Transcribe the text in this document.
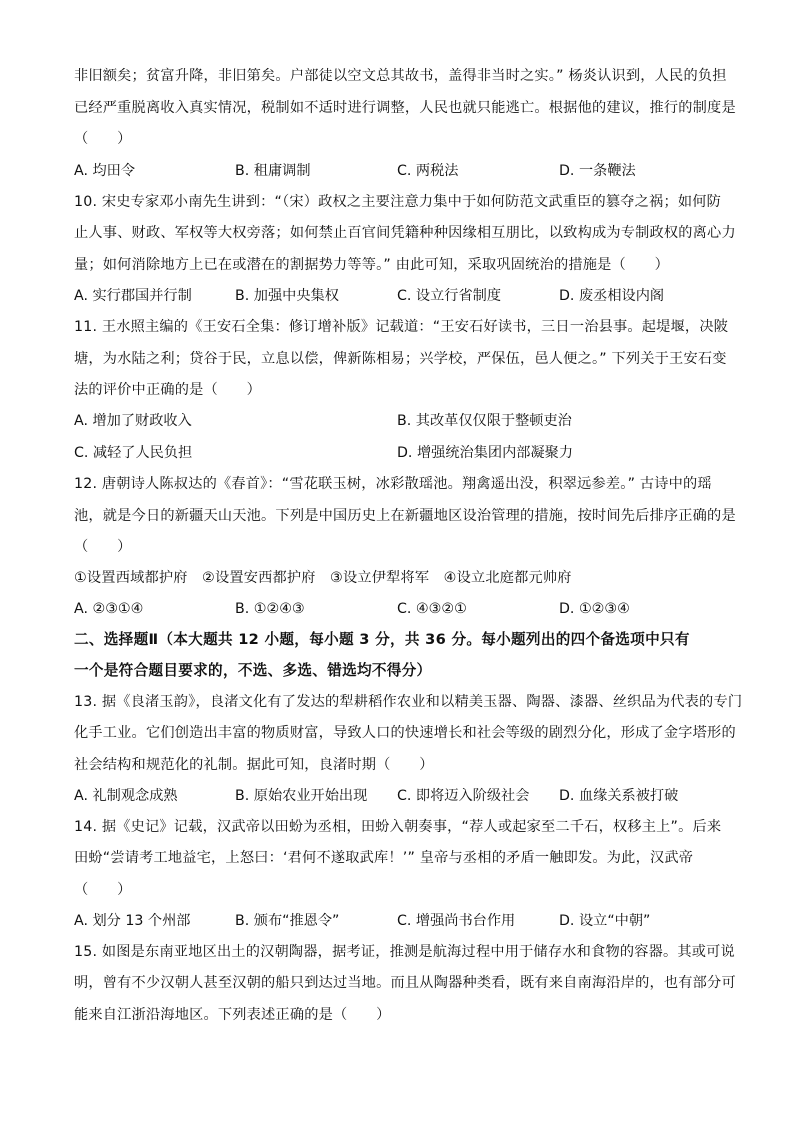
非旧额矣；贫富升降，非旧第矣。户部徒以空文总其故书，盖得非当时之实。” 杨炎认识到，人民的负担
已经严重脱离收入真实情况，税制如不适时进行调整，人民也就只能逃亡。根据他的建议，推行的制度是
（　　）
A. 均田令	B. 租庸调制	C. 两税法	D. 一条鞭法
10. 宋史专家邓小南先生讲到：“（宋）政权之主要注意力集中于如何防范文武重臣的篡夺之祸；如何防
止人事、财政、军权等大权旁落；如何禁止百官间凭籍种种因缘相互朋比，以致构成为专制政权的离心力
量；如何消除地方上已在或潜在的割据势力等等。” 由此可知，采取巩固统治的措施是（　　）
A. 实行郡国并行制	B. 加强中央集权	C. 设立行省制度	D. 废丞相设内阁
11. 王水照主编的《王安石全集：修订增补版》记载道：“王安石好读书，三日一治县事。起堤堰，决陂
塘，为水陆之利；贷谷于民，立息以偿，俾新陈相易；兴学校，严保伍，邑人便之。” 下列关于王安石变
法的评价中正确的是（　　）
A. 增加了财政收入	B. 其改革仅仅限于整顿吏治
C. 减轻了人民负担	D. 增强统治集团内部凝聚力
12. 唐朝诗人陈叔达的《春首》：“雪花联玉树，冰彩散瑶池。翔禽遥出没，积翠远参差。” 古诗中的瑶
池，就是今日的新疆天山天池。下列是中国历史上在新疆地区设治管理的措施，按时间先后排序正确的是
（　　）
①设置西域都护府　②设置安西都护府　③设立伊犁将军　④设立北庭都元帅府
A. ②③①④	B. ①②④③	C. ④③②①	D. ①②③④
二、选择题Ⅱ（本大题共 12 小题，每小题 3 分，共 36 分。每小题列出的四个备选项中只有
一个是符合题目要求的，不选、多选、错选均不得分）
13. 据《良渚玉韵》，良渚文化有了发达的犁耕稻作农业和以精美玉器、陶器、漆器、丝织品为代表的专门
化手工业。它们创造出丰富的物质财富，导致人口的快速增长和社会等级的剧烈分化，形成了金字塔形的
社会结构和规范化的礼制。据此可知，良渚时期（　　）
A. 礼制观念成熟	B. 原始农业开始出现 C. 即将迈入阶级社会 D. 血缘关系被打破
14. 据《史记》记载，汉武帝以田蚡为丞相，田蚡入朝奏事，“荐人或起家至二千石，权移主上”。后来
田蚡“尝请考工地益宅，上怒曰：‘君何不遂取武库！’” 皇帝与丞相的矛盾一触即发。为此，汉武帝
（　　）
A. 划分 13 个州部	B. 颁布“推恩令”	C. 增强尚书台作用	D. 设立“中朝”
15. 如图是东南亚地区出土的汉朝陶器，据考证，推测是航海过程中用于储存水和食物的容器。其或可说
明，曾有不少汉朝人甚至汉朝的船只到达过当地。而且从陶器种类看，既有来自南海沿岸的，也有部分可
能来自江浙沿海地区。下列表述正确的是（　　）
